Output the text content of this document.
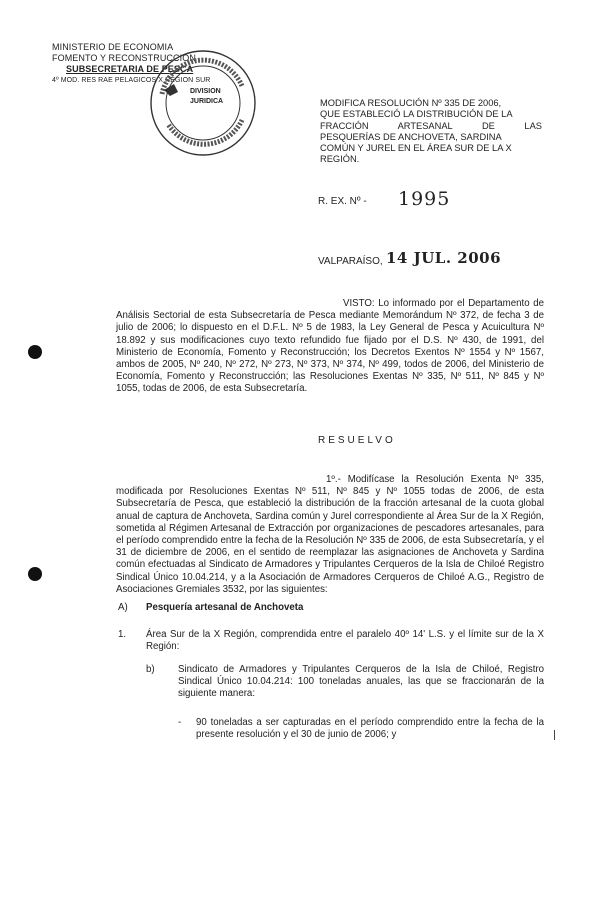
MINISTERIO DE ECONOMIA
FOMENTO Y RECONSTRUCCION
SUBSECRETARIA DE PESCA
4º MOD. RES RAE PELAGICOS X REGION SUR
DIVISION
JURIDICA	MODIFICA RESOLUCIÓN Nº 335 DE 2006,
QUE ESTABLECIÓ LA DISTRIBUCIÓN DE LA
FRACCIÓN ARTESANAL DE LAS
PESQUERÍAS DE ANCHOVETA, SARDINA
COMÚN Y JUREL EN EL ÁREA SUR DE LA X
REGIÓN.
R. EX. Nº - 1995
VALPARAÍSO, 14 JUL. 2006

VISTO: Lo informado por el Departamento de Análisis Sectorial de esta Subsecretaría de Pesca mediante Memorándum Nº 372, de fecha 3 de julio de 2006; lo dispuesto en el D.F.L. Nº 5 de 1983, la Ley General de Pesca y Acuicultura Nº 18.892 y sus modificaciones cuyo texto refundido fue fijado por el D.S. Nº 430, de 1991, del Ministerio de Economía, Fomento y Reconstrucción; los Decretos Exentos Nº 1554 y Nº 1567, ambos de 2005, Nº 240, Nº 272, Nº 273, Nº 373, Nº 374, Nº 499, todos de 2006, del Ministerio de Economía, Fomento y Reconstrucción; las Resoluciones Exentas Nº 335, Nº 511, Nº 845 y Nº 1055, todas de 2006, de esta Subsecretaría.

RESUELVO

1º.- Modifícase la Resolución Exenta Nº 335, modificada por Resoluciones Exentas Nº 511, Nº 845 y Nº 1055 todas de 2006, de esta Subsecretaría de Pesca, que estableció la distribución de la fracción artesanal de la cuota global anual de captura de Anchoveta, Sardina común y Jurel correspondiente al Área Sur de la X Región, sometida al Régimen Artesanal de Extracción por organizaciones de pescadores artesanales, para el período comprendido entre la fecha de la Resolución Nº 335 de 2006, de esta Subsecretaría, y el 31 de diciembre de 2006, en el sentido de reemplazar las asignaciones de Anchoveta y Sardina común efectuadas al Sindicato de Armadores y Tripulantes Cerqueros de la Isla de Chiloé Registro Sindical Único 10.04.214, y a la Asociación de Armadores Cerqueros de Chiloé A.G., Registro de Asociaciones Gremiales 3532, por las siguientes:

A) Pesquería artesanal de Anchoveta
1. Área Sur de la X Región, comprendida entre el paralelo 40º 14' L.S. y el límite sur de la X Región:

b) Sindicato de Armadores y Tripulantes Cerqueros de la Isla de Chiloé, Registro Sindical Único 10.04.214: 100 toneladas anuales, las que se fraccionarán de la siguiente manera:

- 90 toneladas a ser capturadas en el período comprendido entre la fecha de la presente resolución y el 30 de junio de 2006; y
